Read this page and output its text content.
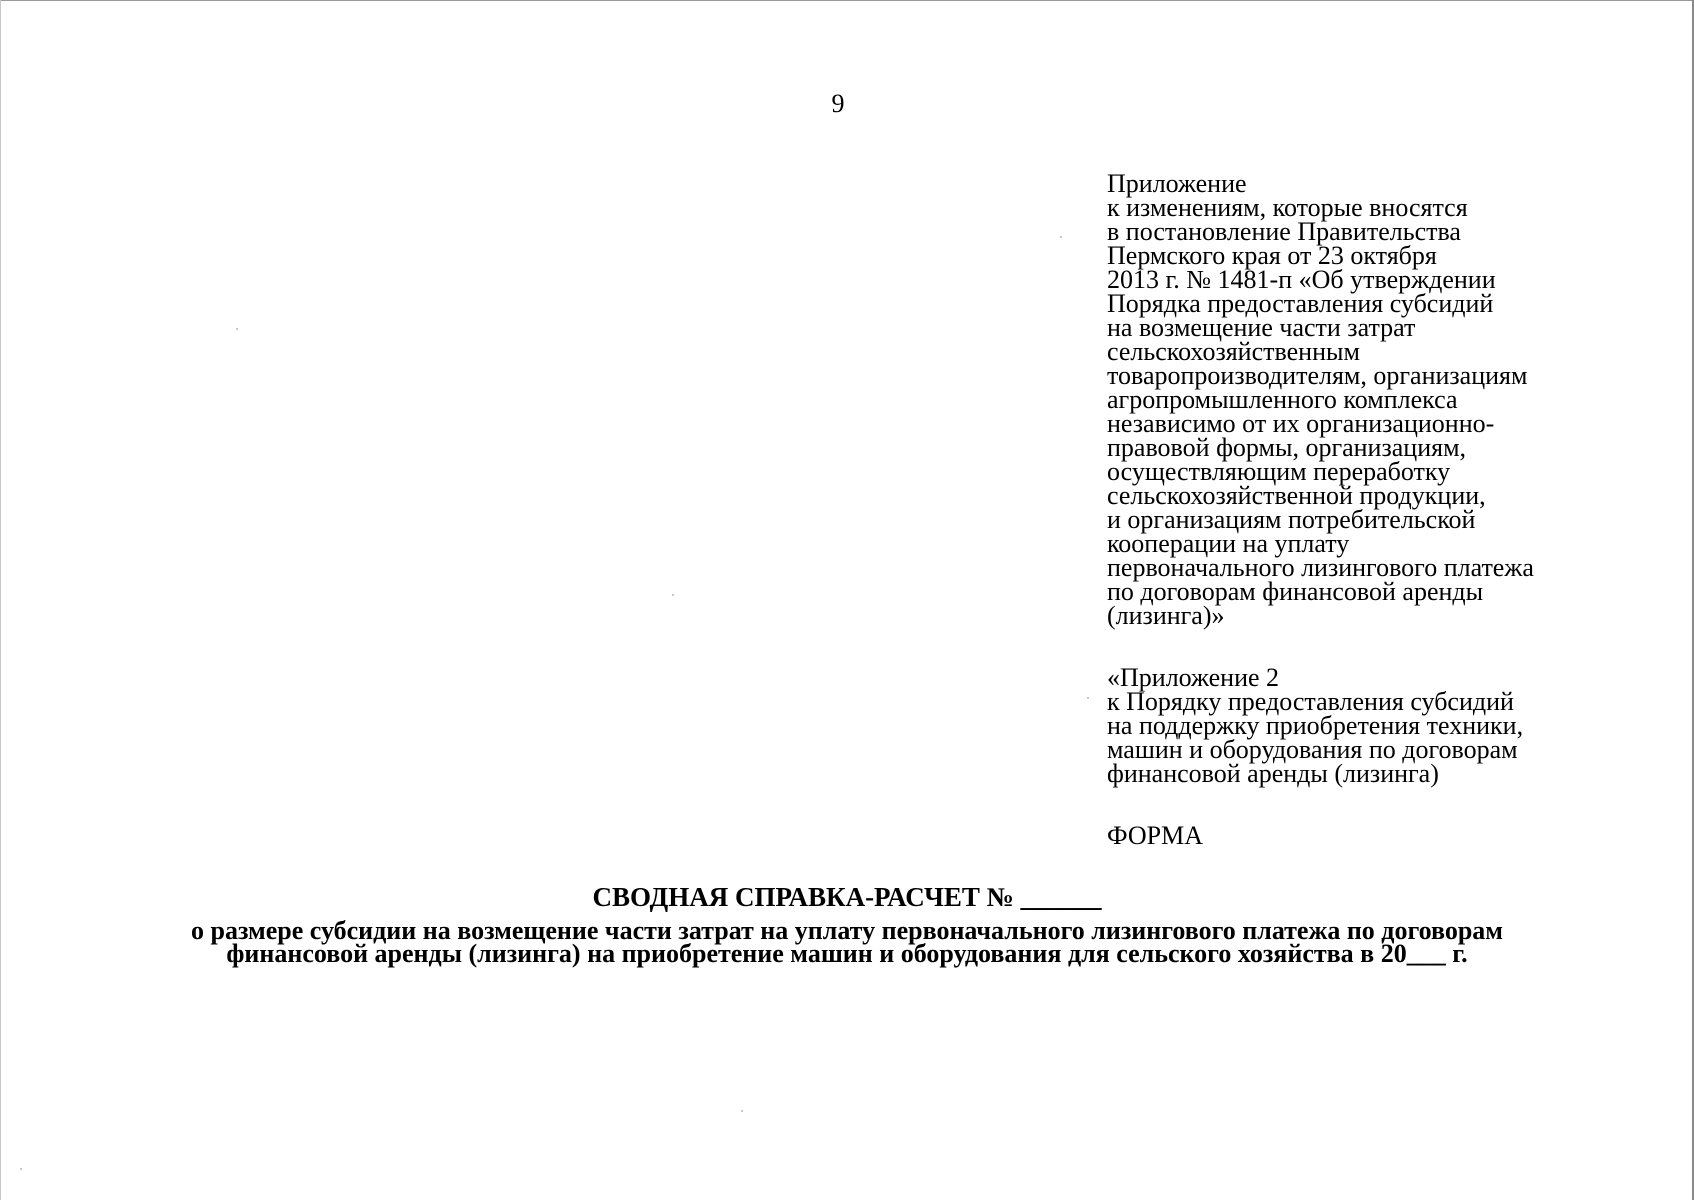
9
Приложение
к изменениям, которые вносятся
в постановление Правительства
Пермского края от 23 октября
2013 г. № 1481-п «Об утверждении
Порядка предоставления субсидий
на возмещение части затрат
сельскохозяйственным
товаропроизводителям, организациям
агропромышленного комплекса
независимо от их организационно-
правовой формы, организациям,
осуществляющим переработку
сельскохозяйственной продукции,
и организациям потребительской
кооперации на уплату
первоначального лизингового платежа
по договорам финансовой аренды
(лизинга)»
«Приложение 2
к Порядку предоставления субсидий
на поддержку приобретения техники,
машин и оборудования по договорам
финансовой аренды (лизинга)
ФОРМА
СВОДНАЯ СПРАВКА-РАСЧЕТ № ______
о размере субсидии на возмещение части затрат на уплату первоначального лизингового платежа по договорам
финансовой аренды (лизинга) на приобретение машин и оборудования для сельского хозяйства в 20___ г.
